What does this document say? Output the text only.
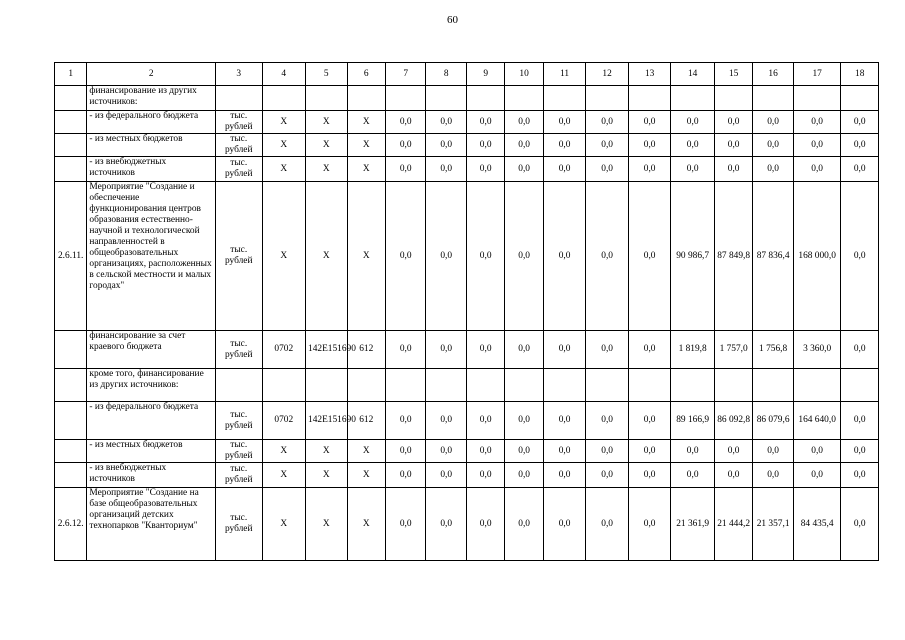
60
1	2	3	4	5	6	7	8	9	10	11	12	13	14	15	16	17	18
	финансирование из других источников:																
	- из федерального бюджета	тыс. рублей	Х	Х	Х	0,0	0,0	0,0	0,0	0,0	0,0	0,0	0,0	0,0	0,0	0,0	0,0
	- из местных бюджетов	тыс. рублей	Х	Х	Х	0,0	0,0	0,0	0,0	0,0	0,0	0,0	0,0	0,0	0,0	0,0	0,0
	- из внебюджетных источников	тыс. рублей	Х	Х	Х	0,0	0,0	0,0	0,0	0,0	0,0	0,0	0,0	0,0	0,0	0,0	0,0
2.6.11.	Мероприятие "Создание и обеспечение функционирования центров образования естественно-научной и технологической направленностей в общеобразовательных организациях, расположенных в сельской местности и малых городах"	тыс. рублей	Х	Х	Х	0,0	0,0	0,0	0,0	0,0	0,0	0,0	90 986,7	87 849,8	87 836,4	168 000,0	0,0
	финансирование за счет краевого бюджета	тыс. рублей	0702	142Е151690	612	0,0	0,0	0,0	0,0	0,0	0,0	0,0	1 819,8	1 757,0	1 756,8	3 360,0	0,0
	кроме того, финансирование из других источников:																
	- из федерального бюджета	тыс. рублей	0702	142Е151690	612	0,0	0,0	0,0	0,0	0,0	0,0	0,0	89 166,9	86 092,8	86 079,6	164 640,0	0,0
	- из местных бюджетов	тыс. рублей	Х	Х	Х	0,0	0,0	0,0	0,0	0,0	0,0	0,0	0,0	0,0	0,0	0,0	0,0
	- из внебюджетных источников	тыс. рублей	Х	Х	Х	0,0	0,0	0,0	0,0	0,0	0,0	0,0	0,0	0,0	0,0	0,0	0,0
2.6.12.	Мероприятие "Создание на базе общеобразовательных организаций детских технопарков "Кванториум"	тыс. рублей	Х	Х	Х	0,0	0,0	0,0	0,0	0,0	0,0	0,0	21 361,9	21 444,2	21 357,1	84 435,4	0,0
